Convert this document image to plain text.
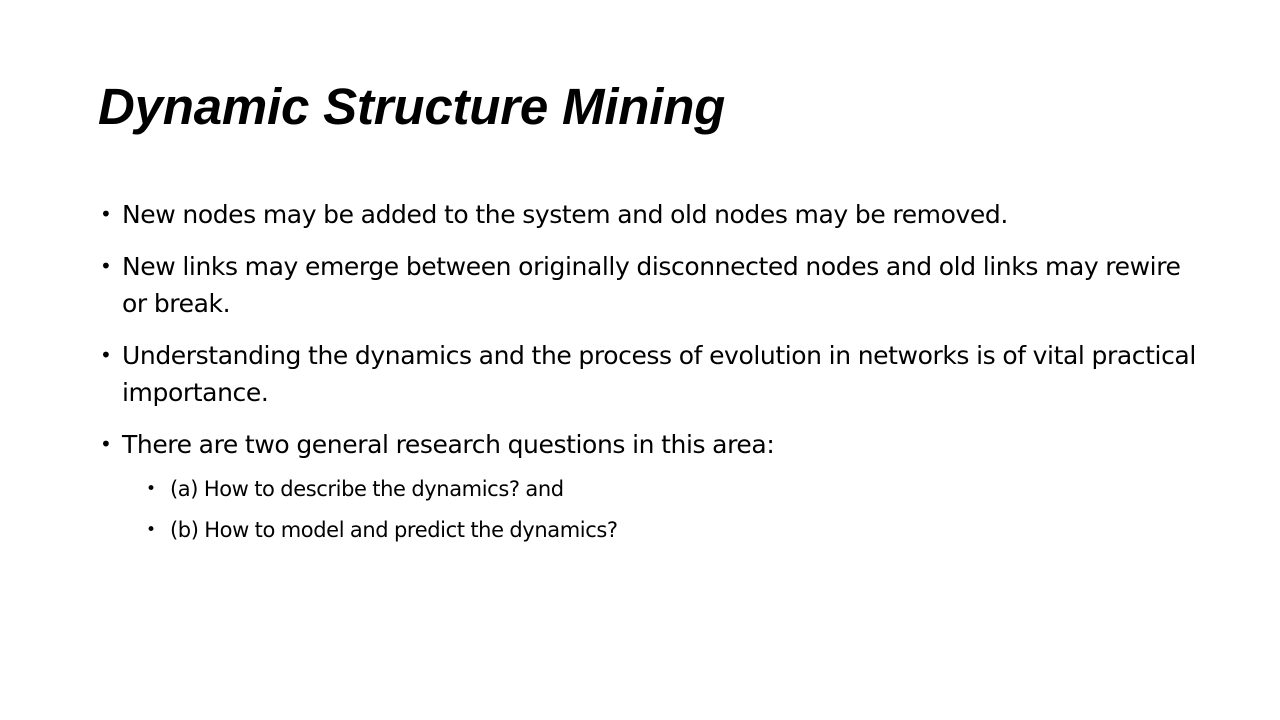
Dynamic Structure Mining
• New nodes may be added to the system and old nodes may be removed.
• New links may emerge between originally disconnected nodes and old links may rewire or break.
• Understanding the dynamics and the process of evolution in networks is of vital practical importance.
• There are two general research questions in this area:
• (a) How to describe the dynamics? and
• (b) How to model and predict the dynamics?
